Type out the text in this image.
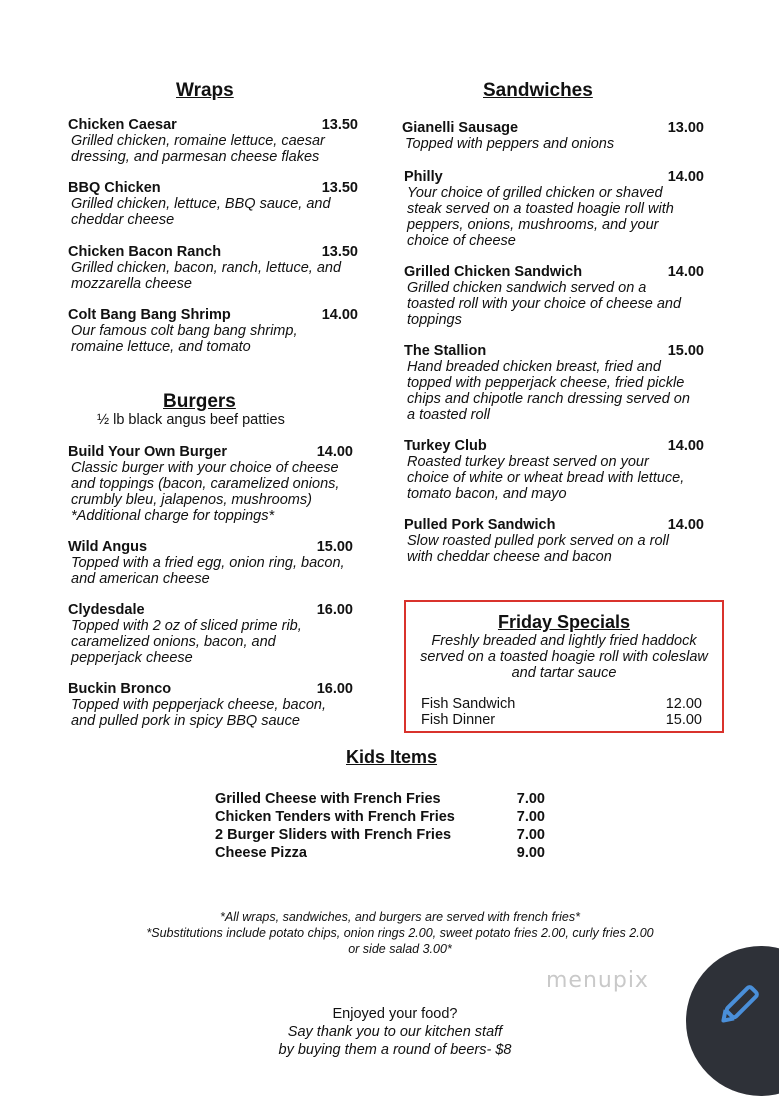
Wraps
Chicken Caesar	13.50
Grilled chicken, romaine lettuce, caesar
dressing, and parmesan cheese flakes
BBQ Chicken	13.50
Grilled chicken, lettuce, BBQ sauce, and
cheddar cheese
Chicken Bacon Ranch	13.50
Grilled chicken, bacon, ranch, lettuce, and
mozzarella cheese
Colt Bang Bang Shrimp	14.00
Our famous colt bang bang shrimp,
romaine lettuce, and tomato
Burgers
½ lb black angus beef patties
Build Your Own Burger	14.00
Classic burger with your choice of cheese
and toppings (bacon, caramelized onions,
crumbly bleu, jalapenos, mushrooms)
*Additional charge for toppings*
Wild Angus	15.00
Topped with a fried egg, onion ring, bacon,
and american cheese
Clydesdale	16.00
Topped with 2 oz of sliced prime rib,
caramelized onions, bacon, and
pepperjack cheese
Buckin Bronco	16.00
Topped with pepperjack cheese, bacon,
and pulled pork in spicy BBQ sauce
Sandwiches
Gianelli Sausage	13.00
Topped with peppers and onions
Philly	14.00
Your choice of grilled chicken or shaved
steak served on a toasted hoagie roll with
peppers, onions, mushrooms, and your
choice of cheese
Grilled Chicken Sandwich	14.00
Grilled chicken sandwich served on a
toasted roll with your choice of cheese and
toppings
The Stallion	15.00
Hand breaded chicken breast, fried and
topped with pepperjack cheese, fried pickle
chips and chipotle ranch dressing served on
a toasted roll
Turkey Club	14.00
Roasted turkey breast served on your
choice of white or wheat bread with lettuce,
tomato bacon, and mayo
Pulled Pork Sandwich	14.00
Slow roasted pulled pork served on a roll
with cheddar cheese and bacon
Friday Specials
Freshly breaded and lightly fried haddock
served on a toasted hoagie roll with coleslaw
and tartar sauce
Fish Sandwich	12.00
Fish Dinner	15.00
Kids Items
Grilled Cheese with French Fries	7.00
Chicken Tenders with French Fries	7.00
2 Burger Sliders with French Fries	7.00
Cheese Pizza	9.00
*All wraps, sandwiches, and burgers are served with french fries*
*Substitutions include potato chips, onion rings 2.00, sweet potato fries 2.00, curly fries 2.00
or side salad 3.00*
Enjoyed your food?
Say thank you to our kitchen staff
by buying them a round of beers- $8
menupix
